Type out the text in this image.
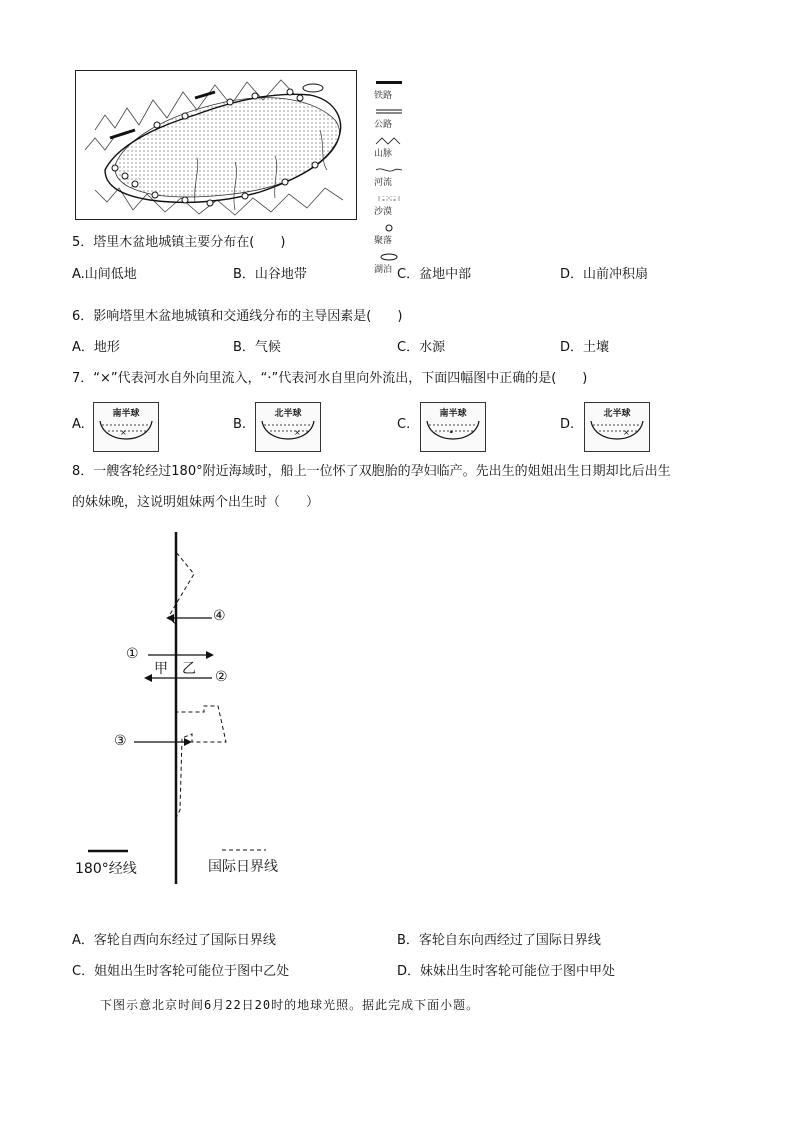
铁路
公路
山脉
河流
沙漠
聚落
湖泊
5．塔里木盆地城镇主要分布在(　　)
A.山间低地	B．山谷地带	C．盆地中部	D．山前冲积扇
6．影响塔里木盆地城镇和交通线分布的主导因素是(　　)
A．地形	B．气候	C．水源	D．土壤
7．“×”代表河水自外向里流入，“·”代表河水自里向外流出，下面四幅图中正确的是(　　)
A.
南半球
×
B.
北半球
×
C.
南半球
·	D.
北半球
×
8．一艘客轮经过180°附近海域时，船上一位怀了双胞胎的孕妇临产。先出生的姐姐出生日期却比后出生
的妹妹晚，这说明姐妹两个出生时（　　）
④
①
甲 乙 ②
③
180°经线	国际日界线
A．客轮自西向东经过了国际日界线	B．客轮自东向西经过了国际日界线
C．姐姐出生时客轮可能位于图中乙处	D．妹妹出生时客轮可能位于图中甲处
下图示意北京时间6月22日20时的地球光照。据此完成下面小题。
